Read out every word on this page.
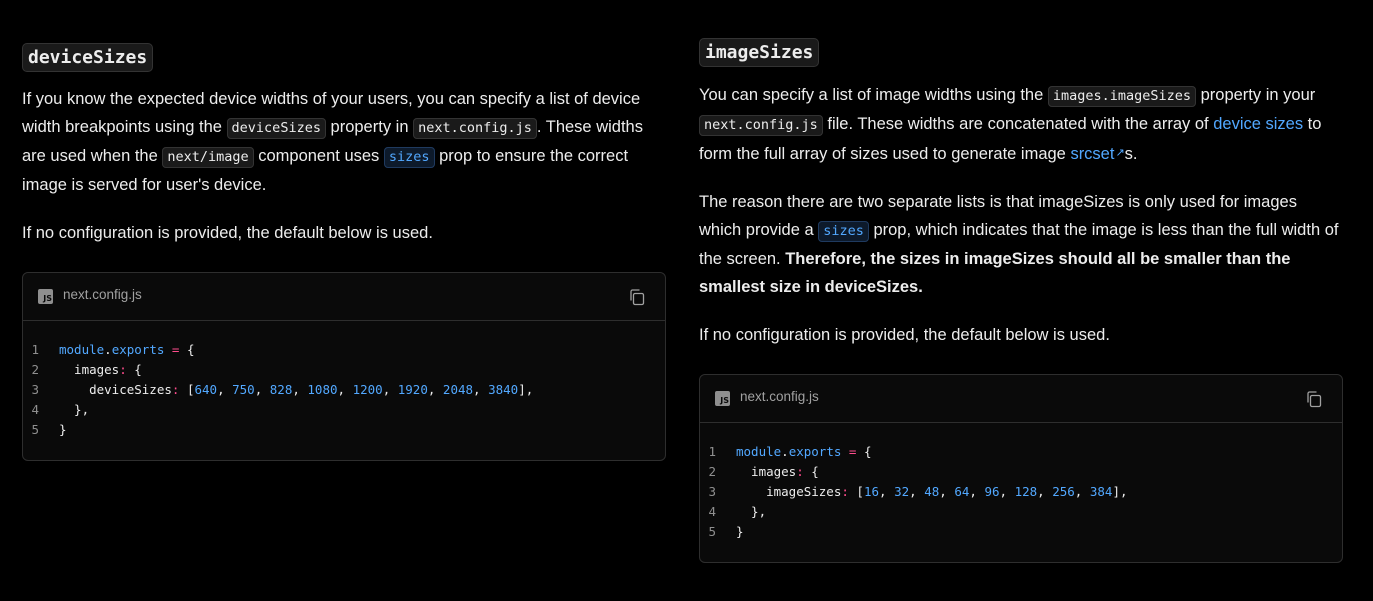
deviceSizes

If you know the expected device widths of your users, you can specify a list of device width breakpoints using the deviceSizes property in next.config.js . These widths are used when the next/image component uses sizes prop to ensure the correct image is served for user's device.

If no configuration is provided, the default below is used.

JS next.config.js
1	module.exports = {
2	images: {
3	deviceSizes: [640, 750, 828, 1080, 1200, 1920, 2048, 3840],
4	},
5	}
imageSizes

You can specify a list of image widths using the images.imageSizes property in your next.config.js file. These widths are concatenated with the array of device sizes to form the full array of sizes used to generate image srcset↗s.

The reason there are two separate lists is that imageSizes is only used for images which provide a sizes prop, which indicates that the image is less than the full width of the screen. Therefore, the sizes in imageSizes should all be smaller than the smallest size in deviceSizes.

If no configuration is provided, the default below is used.

JS next.config.js
1	module.exports = {
2	images: {
3	imageSizes: [16, 32, 48, 64, 96, 128, 256, 384],
4	},
5	}
